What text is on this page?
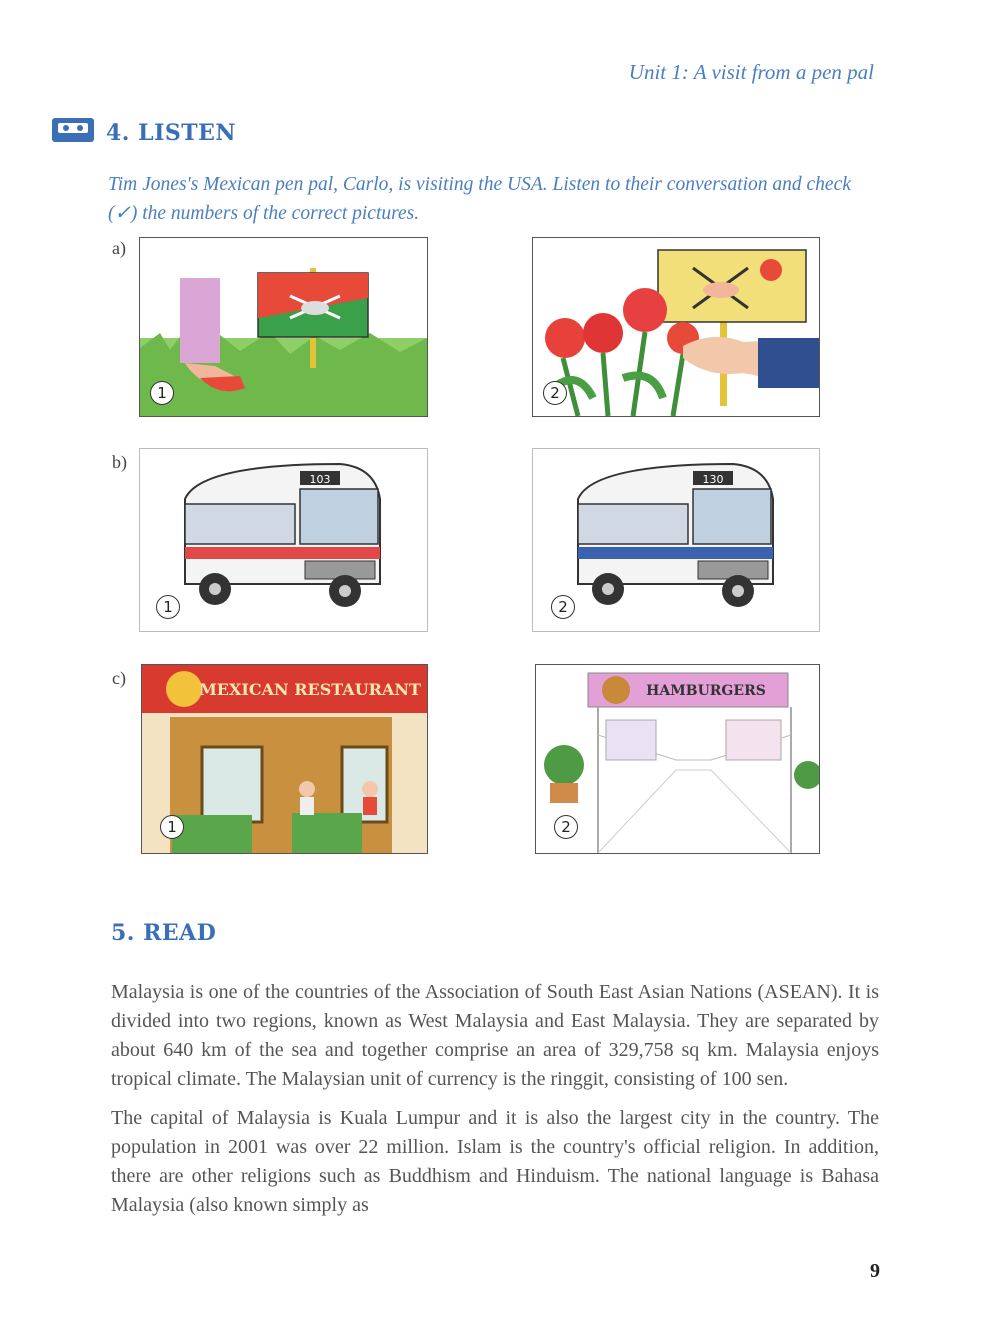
Unit 1: A visit from a pen pal
4. LISTEN
Tim Jones's Mexican pen pal, Carlo, is visiting the USA. Listen to their conversation and check (✓) the numbers of the correct pictures.
a)
1	2
b)
103
1
130
2
c)
MEXICAN RESTAURANT
1
HAMBURGERS
2
5. READ

Malaysia is one of the countries of the Association of South East Asian Nations (ASEAN). It is divided into two regions, known as West Malaysia and East Malaysia. They are separated by about 640 km of the sea and together comprise an area of 329,758 sq km. Malaysia enjoys tropical climate. The Malaysian unit of currency is the ringgit, consisting of 100 sen.

The capital of Malaysia is Kuala Lumpur and it is also the largest city in the country. The population in 2001 was over 22 million. Islam is the country's official religion. In addition, there are other religions such as Buddhism and Hinduism. The national language is Bahasa Malaysia (also known simply as

9
